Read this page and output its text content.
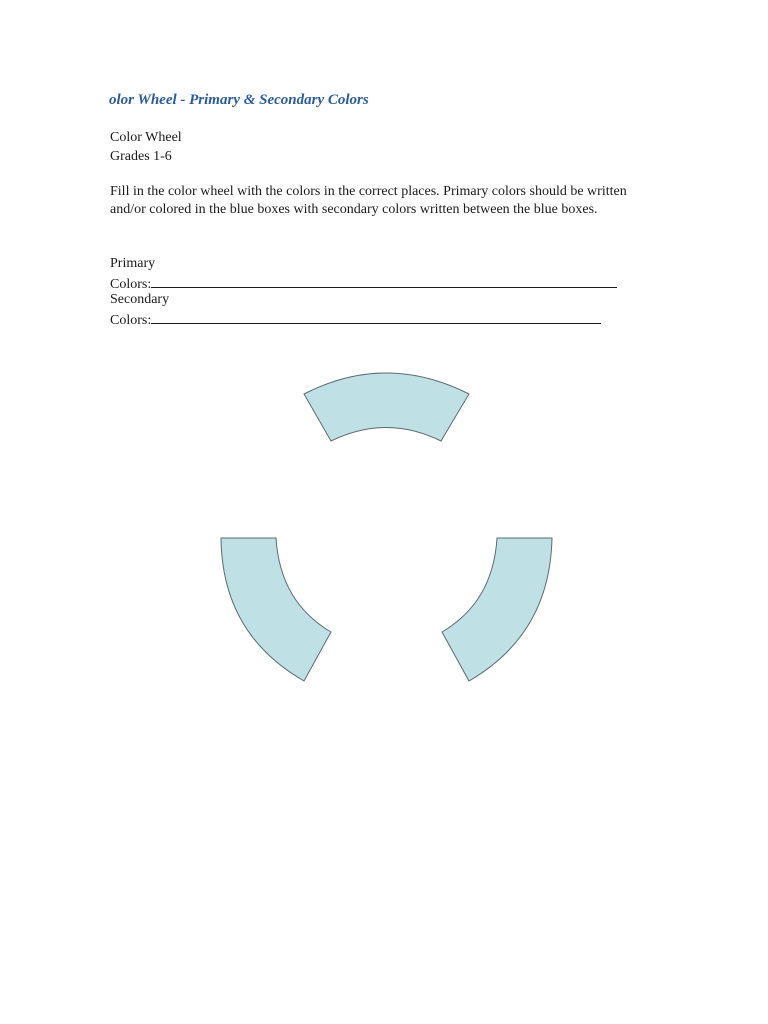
olor Wheel - Primary & Secondary Colors
Color Wheel
Grades 1-6
Fill in the color wheel with the colors in the correct places. Primary colors should be written and/or colored in the blue boxes with secondary colors written between the blue boxes.
Primary
Colors:
Secondary
Colors:
